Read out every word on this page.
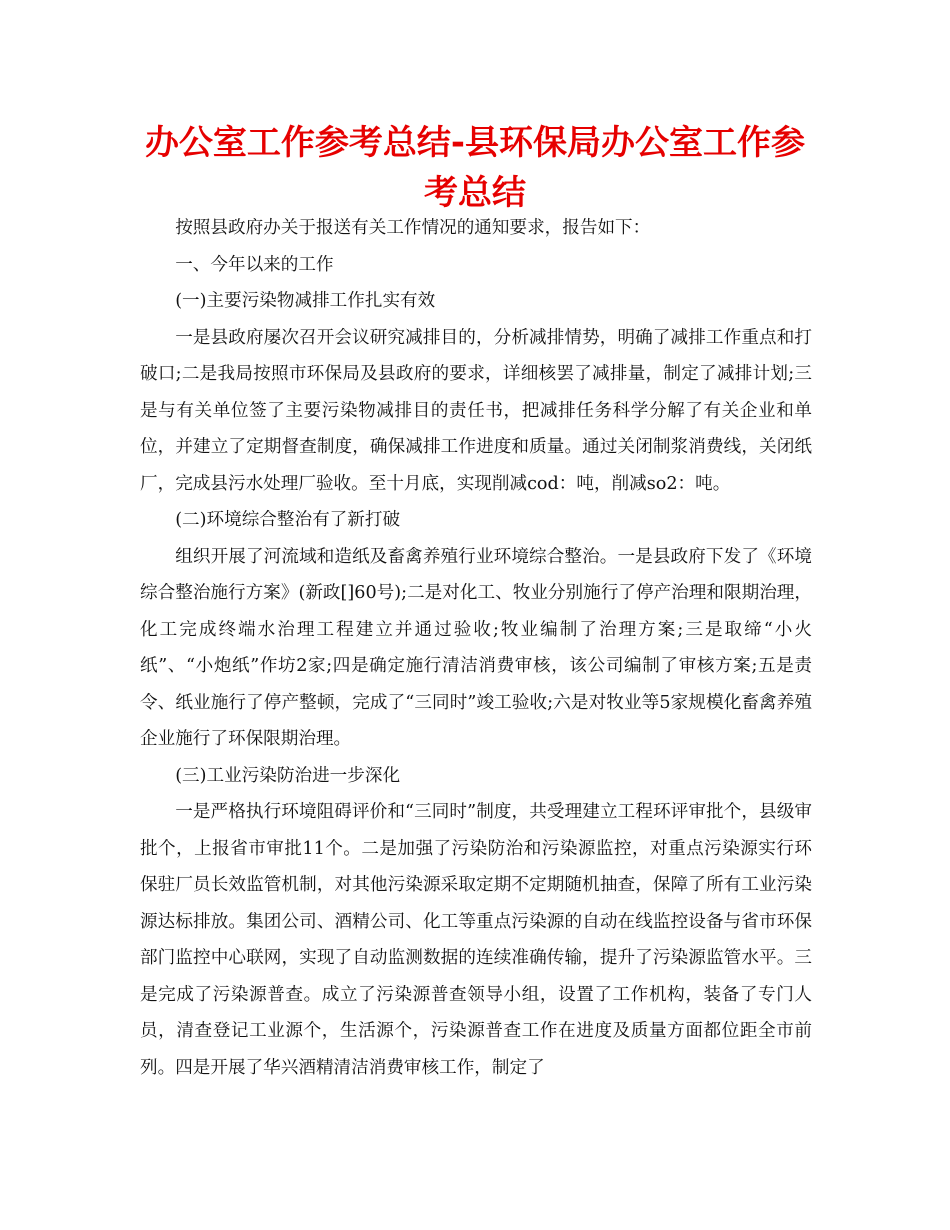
办公室工作参考总结-县环保局办公室工作参考总结

按照县政府办关于报送有关工作情况的通知要求，报告如下：

一、今年以来的工作

(一)主要污染物减排工作扎实有效

一是县政府屡次召开会议研究减排目的，分析减排情势，明确了减排工作重点和打破口;二是我局按照市环保局及县政府的要求，详细核罢了减排量，制定了减排计划;三是与有关单位签了主要污染物减排目的责任书，把减排任务科学分解了有关企业和单位，并建立了定期督查制度，确保减排工作进度和质量。通过关闭制浆消费线，关闭纸厂，完成县污水处理厂验收。至十月底，实现削减cod：吨，削减so2：吨。

(二)环境综合整治有了新打破

组织开展了河流域和造纸及畜禽养殖行业环境综合整治。一是县政府下发了《环境综合整治施行方案》(新政[]60号);二是对化工、牧业分别施行了停产治理和限期治理，化工完成终端水治理工程建立并通过验收;牧业编制了治理方案;三是取缔“小火纸”、“小炮纸”作坊2家;四是确定施行清洁消费审核，该公司编制了审核方案;五是责令、纸业施行了停产整顿，完成了“三同时”竣工验收;六是对牧业等5家规模化畜禽养殖企业施行了环保限期治理。

(三)工业污染防治进一步深化

一是严格执行环境阻碍评价和“三同时”制度，共受理建立工程环评审批个，县级审批个，上报省市审批11个。二是加强了污染防治和污染源监控，对重点污染源实行环保驻厂员长效监管机制，对其他污染源采取定期不定期随机抽查，保障了所有工业污染源达标排放。集团公司、酒精公司、化工等重点污染源的自动在线监控设备与省市环保部门监控中心联网，实现了自动监测数据的连续准确传输，提升了污染源监管水平。三是完成了污染源普查。成立了污染源普查领导小组，设置了工作机构，装备了专门人员，清查登记工业源个，生活源个，污染源普查工作在进度及质量方面都位距全市前列。四是开展了华兴酒精清洁消费审核工作，制定了
